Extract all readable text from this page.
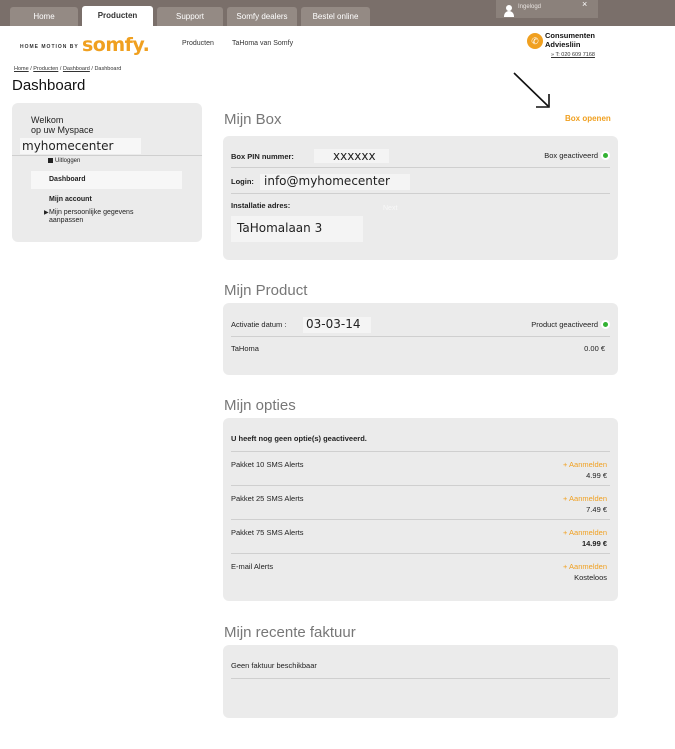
Home	Producten	Support	Somfy dealers	Bestel online
Ingelogd	×
HOME MOTION BY somfy.	Producten	TaHoma van Somfy	✆
Consumenten Adviesliin
» T: 020 609 7168
Home / Producten / Dashboard / Dashboard
Dashboard
Welkom
op uw Myspace
myhomecenter
Uitloggen
Dashboard
Mijn account
▶ Mijn persoonlijke gegevens aanpassen
Mijn Box	Box openen
Box PIN nummer:	xxxxxx	Box geactiveerd
Login: info@myhomecenter
Installatie adres:
TaHomalaan 3
Next
Mijn Product
Activatie datum : 03-03-14	Product geactiveerd
TaHoma	0.00 €
Mijn opties
U heeft nog geen optie(s) geactiveerd.
Pakket 10 SMS Alerts	+ Aanmelden
4.99 €
Pakket 25 SMS Alerts	+ Aanmelden
7.49 €
Pakket 75 SMS Alerts	+ Aanmelden
14.99 €
E-mail Alerts	+ Aanmelden
Kosteloos
Mijn recente faktuur
Geen faktuur beschikbaar
